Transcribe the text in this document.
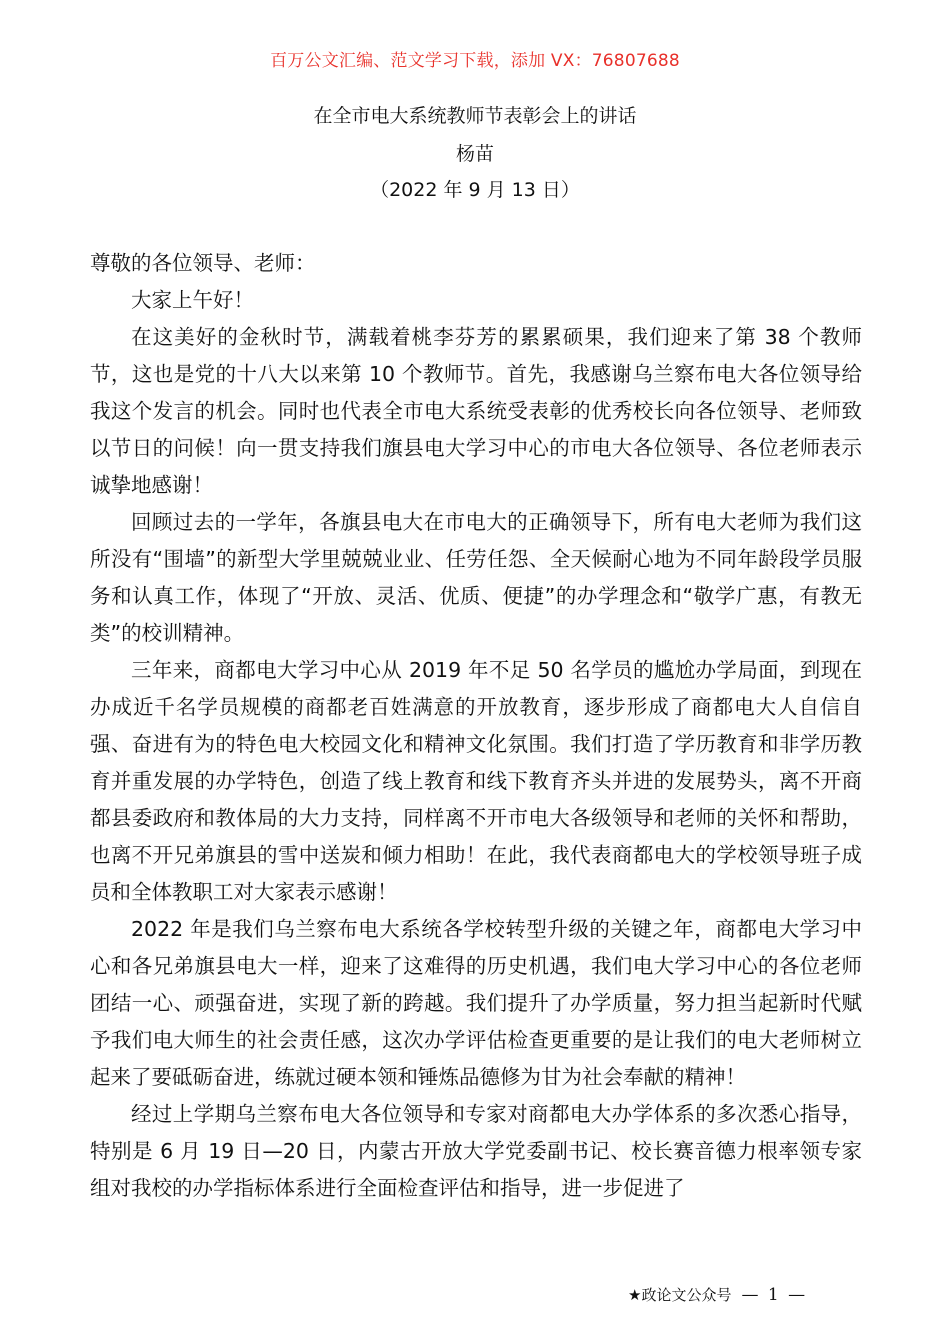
百万公文汇编、范文学习下载，添加 VX：76807688
在全市电大系统教师节表彰会上的讲话
杨苗
（2022 年 9 月 13 日）

尊敬的各位领导、老师：

大家上午好！

在这美好的金秋时节，满载着桃李芬芳的累累硕果，我们迎来了第 38 个教师节，这也是党的十八大以来第 10 个教师节。首先，我感谢乌兰察布电大各位领导给我这个发言的机会。同时也代表全市电大系统受表彰的优秀校长向各位领导、老师致以节日的问候！向一贯支持我们旗县电大学习中心的市电大各位领导、各位老师表示诚挚地感谢！

回顾过去的一学年，各旗县电大在市电大的正确领导下，所有电大老师为我们这所没有“围墙”的新型大学里兢兢业业、任劳任怨、全天候耐心地为不同年龄段学员服务和认真工作，体现了“开放、灵活、优质、便捷”的办学理念和“敬学广惠，有教无类”的校训精神。

三年来，商都电大学习中心从 2019 年不足 50 名学员的尴尬办学局面，到现在办成近千名学员规模的商都老百姓满意的开放教育，逐步形成了商都电大人自信自强、奋进有为的特色电大校园文化和精神文化氛围。我们打造了学历教育和非学历教育并重发展的办学特色，创造了线上教育和线下教育齐头并进的发展势头，离不开商都县委政府和教体局的大力支持，同样离不开市电大各级领导和老师的关怀和帮助，也离不开兄弟旗县的雪中送炭和倾力相助！在此，我代表商都电大的学校领导班子成员和全体教职工对大家表示感谢！

2022 年是我们乌兰察布电大系统各学校转型升级的关键之年，商都电大学习中心和各兄弟旗县电大一样，迎来了这难得的历史机遇，我们电大学习中心的各位老师团结一心、顽强奋进，实现了新的跨越。我们提升了办学质量，努力担当起新时代赋予我们电大师生的社会责任感，这次办学评估检查更重要的是让我们的电大老师树立起来了要砥砺奋进，练就过硬本领和锤炼品德修为甘为社会奉献的精神！

经过上学期乌兰察布电大各位领导和专家对商都电大办学体系的多次悉心指导，特别是 6 月 19 日—20 日，内蒙古开放大学党委副书记、校长赛音德力根率领专家组对我校的办学指标体系进行全面检查评估和指导，进一步促进了

★政论文公众号 — 1 —
